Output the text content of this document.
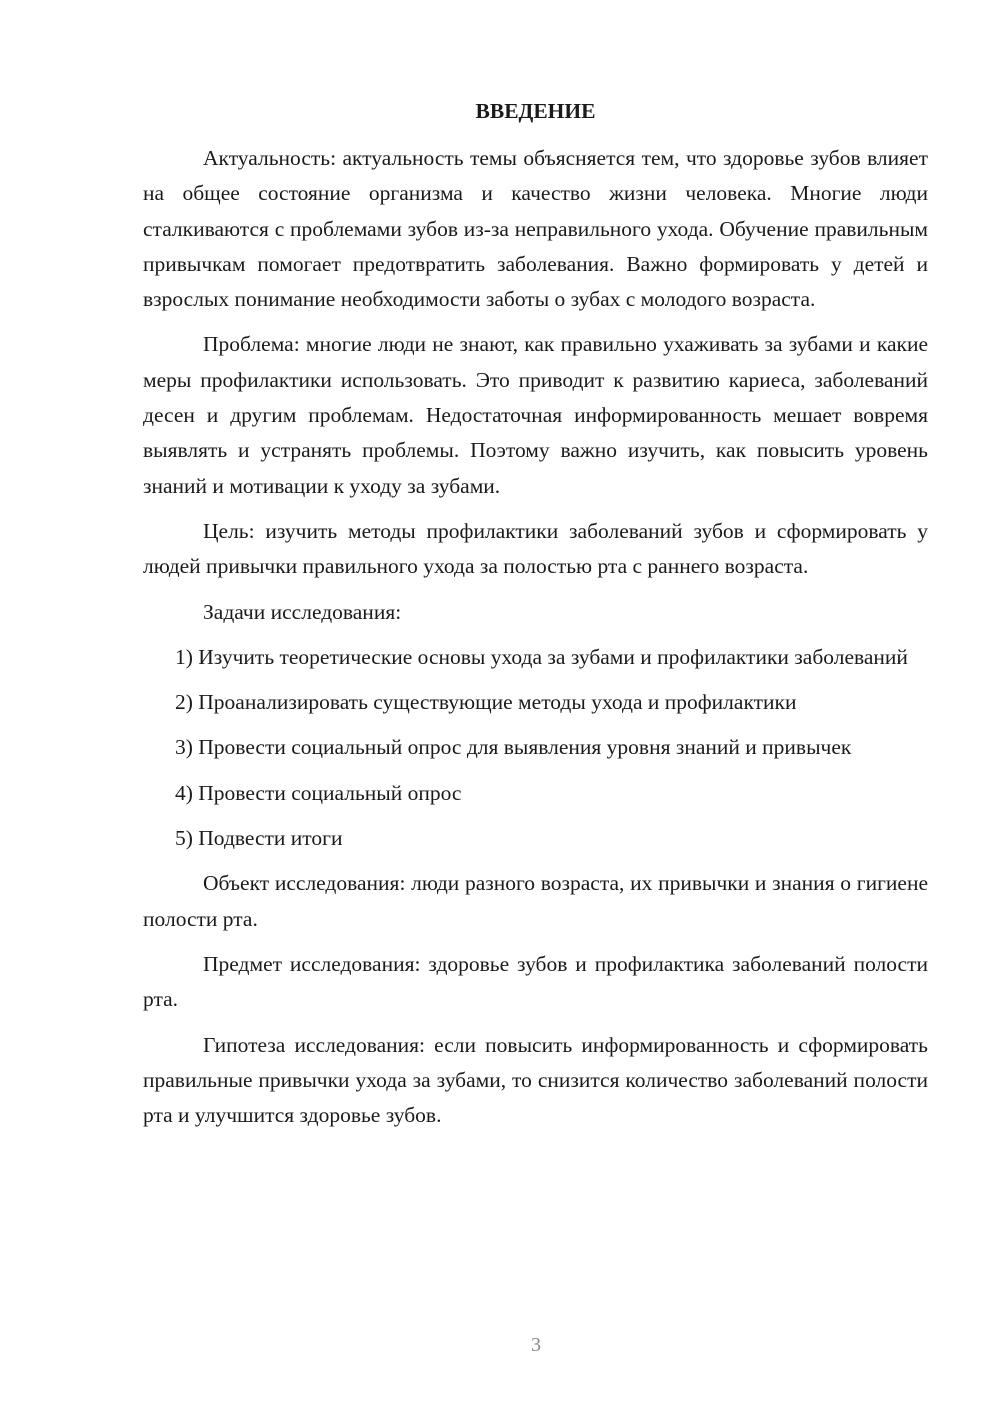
ВВЕДЕНИЕ

Актуальность: актуальность темы объясняется тем, что здоровье зубов влияет на общее состояние организма и качество жизни человека. Многие люди сталкиваются с проблемами зубов из-за неправильного ухода. Обучение правильным привычкам помогает предотвратить заболевания. Важно формировать у детей и взрослых понимание необходимости заботы о зубах с молодого возраста.

Проблема: многие люди не знают, как правильно ухаживать за зубами и какие меры профилактики использовать. Это приводит к развитию кариеса, заболеваний десен и другим проблемам. Недостаточная информированность мешает вовремя выявлять и устранять проблемы. Поэтому важно изучить, как повысить уровень знаний и мотивации к уходу за зубами.

Цель: изучить методы профилактики заболеваний зубов и сформировать у людей привычки правильного ухода за полостью рта с раннего возраста.

Задачи исследования:

1) Изучить теоретические основы ухода за зубами и профилактики заболеваний

2) Проанализировать существующие методы ухода и профилактики

3) Провести социальный опрос для выявления уровня знаний и привычек

4) Провести социальный опрос

5) Подвести итоги

Объект исследования: люди разного возраста, их привычки и знания о гигиене полости рта.

Предмет исследования: здоровье зубов и профилактика заболеваний полости рта.

Гипотеза исследования: если повысить информированность и сформировать правильные привычки ухода за зубами, то снизится количество заболеваний полости рта и улучшится здоровье зубов.

3
